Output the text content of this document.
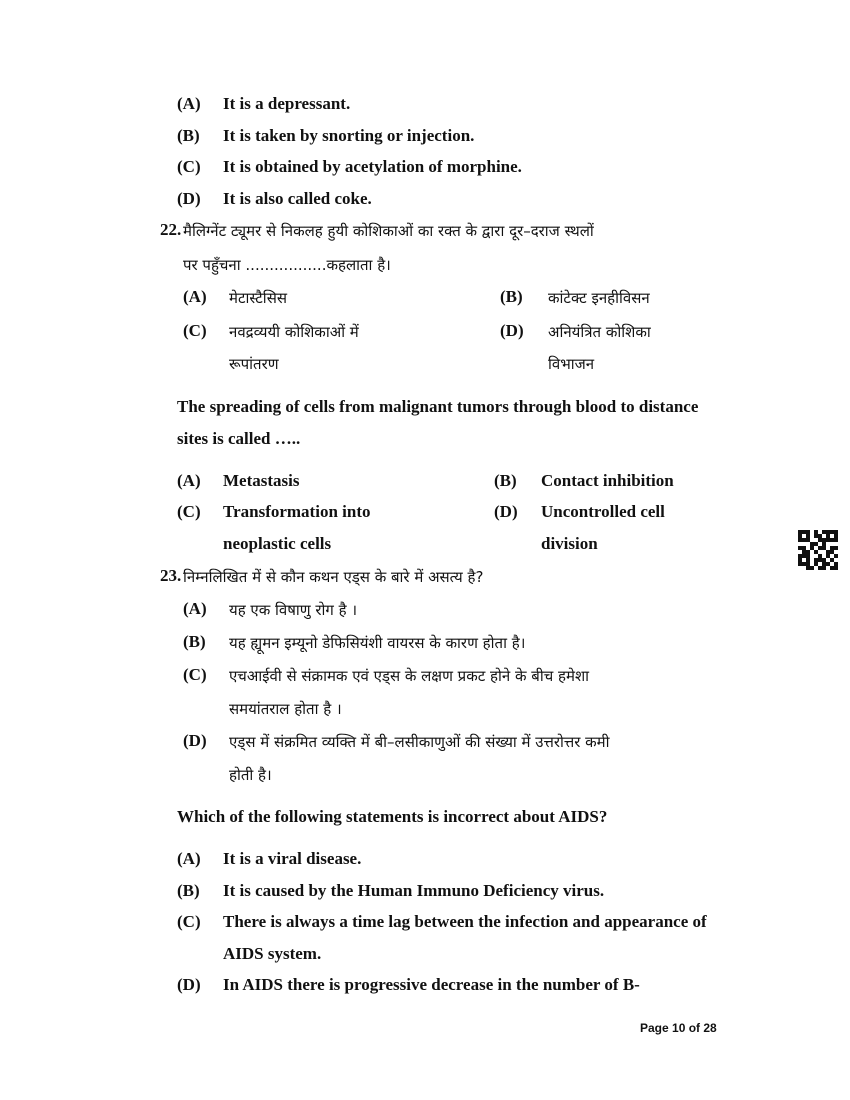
(A) It is a depressant.
(B) It is taken by snorting or injection.
(C) It is obtained by acetylation of morphine.
(D) It is also called coke.
22. मैलिग्नेंट ट्यूमर से निकलह हुयी कोशिकाओं का रक्त के द्वारा दूर–दराज स्थलों
पर पहुँचना .................कहलाता है।
(A) मेटास्टैसिस	(B) कांटेक्ट इनहीविसन
(C) नवद्रव्ययी कोशिकाओं में
रूपांतरण
(D) अनियंत्रित कोशिका
विभाजन
The spreading of cells from malignant tumors through blood to distance
sites is called …..
(A) Metastasis	(B) Contact inhibition
(C) Transformation into
neoplastic cells
(D) Uncontrolled cell
division
23. निम्नलिखित में से कौन कथन एड्स के बारे में असत्य है?
(A) यह एक विषाणु रोग है ।
(B) यह ह्यूमन इम्यूनो डेफिसियंशी वायरस के कारण होता है।
(C) एचआईवी से संक्रामक एवं एड्स के लक्षण प्रकट होने के बीच हमेशा
समयांतराल होता है ।
(D) एड्स में संक्रमित व्यक्ति में बी–लसीकाणुओं की संख्या में उत्तरोत्तर कमी
होती है।
Which of the following statements is incorrect about AIDS?
(A) It is a viral disease.
(B) It is caused by the Human Immuno Deficiency virus.
(C) There is always a time lag between the infection and appearance of
AIDS system.
(D) In AIDS there is progressive decrease in the number of B-
Page 10 of 28
